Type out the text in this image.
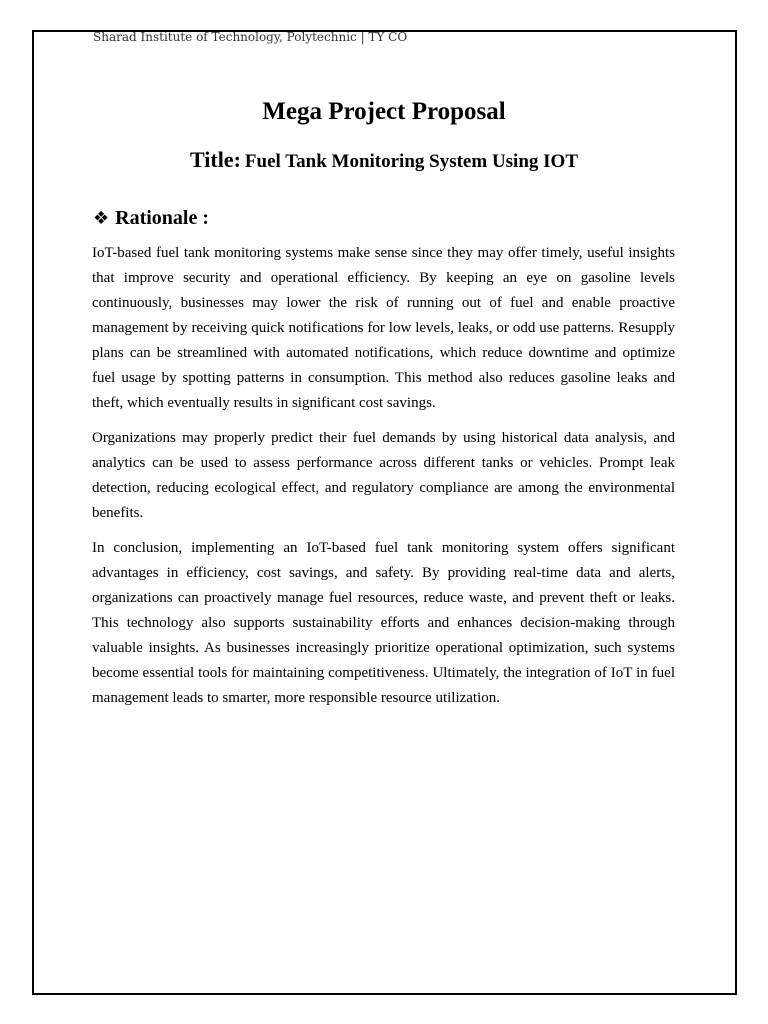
Sharad Institute of Technology, Polytechnic | TY CO
Mega Project Proposal
Title: Fuel Tank Monitoring System Using IOT
❖ Rationale :

IoT-based fuel tank monitoring systems make sense since they may offer timely, useful insights that improve security and operational efficiency. By keeping an eye on gasoline levels continuously, businesses may lower the risk of running out of fuel and enable proactive management by receiving quick notifications for low levels, leaks, or odd use patterns. Resupply plans can be streamlined with automated notifications, which reduce downtime and optimize fuel usage by spotting patterns in consumption. This method also reduces gasoline leaks and theft, which eventually results in significant cost savings.

Organizations may properly predict their fuel demands by using historical data analysis, and analytics can be used to assess performance across different tanks or vehicles. Prompt leak detection, reducing ecological effect, and regulatory compliance are among the environmental benefits.

In conclusion, implementing an IoT-based fuel tank monitoring system offers significant advantages in efficiency, cost savings, and safety. By providing real-time data and alerts, organizations can proactively manage fuel resources, reduce waste, and prevent theft or leaks. This technology also supports sustainability efforts and enhances decision-making through valuable insights. As businesses increasingly prioritize operational optimization, such systems become essential tools for maintaining competitiveness. Ultimately, the integration of IoT in fuel management leads to smarter, more responsible resource utilization.
